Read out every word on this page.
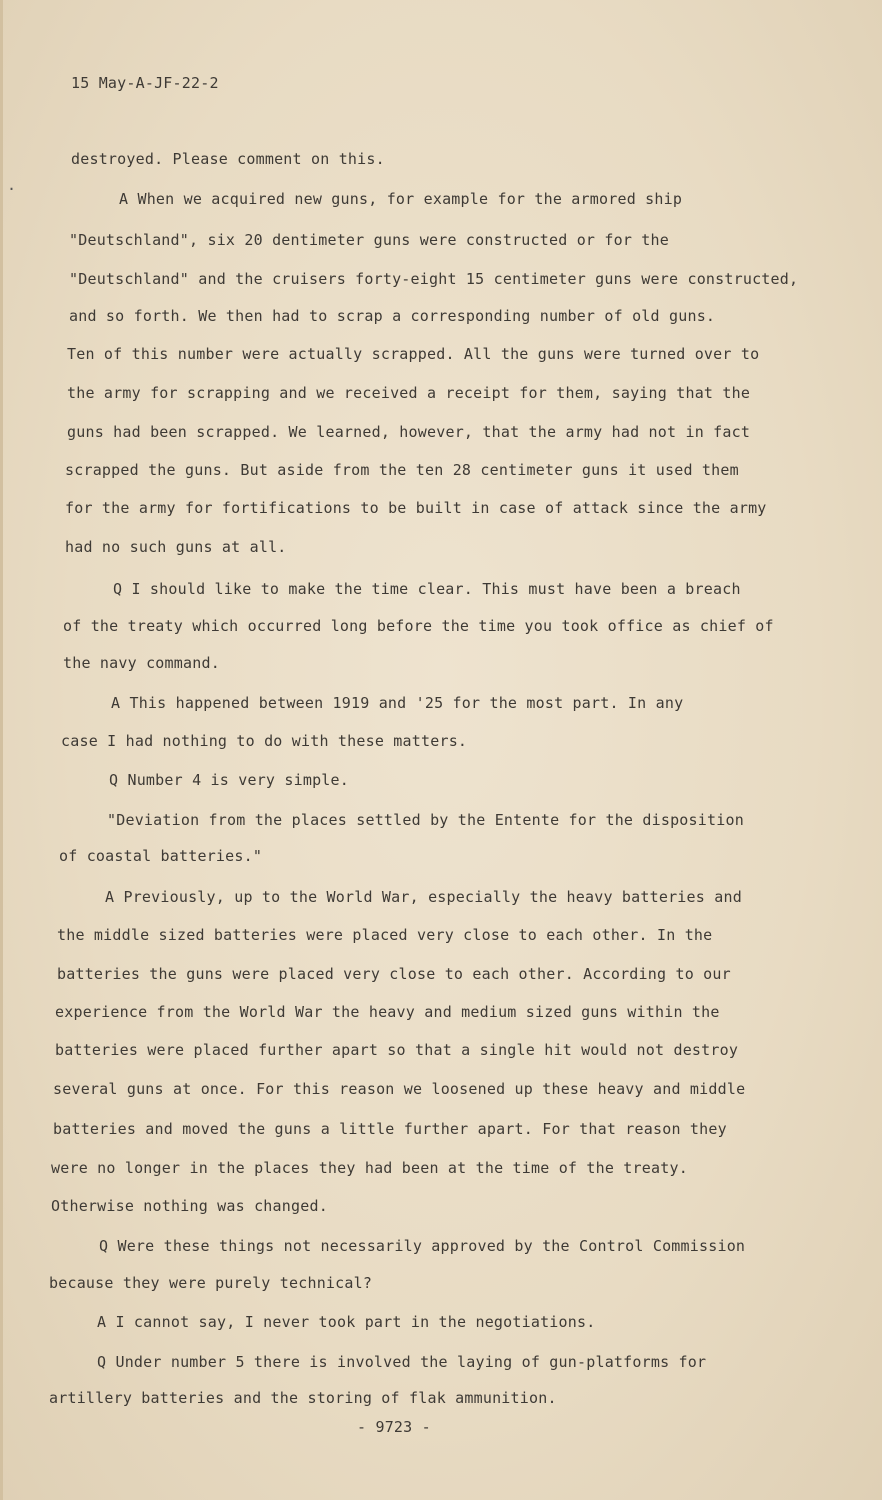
·
15 May-A-JF-22-2
destroyed. Please comment on this.
A When we acquired new guns, for example for the armored ship
"Deutschland", six 20 dentimeter guns were constructed or for the
"Deutschland" and the cruisers forty-eight 15 centimeter guns were constructed,
and so forth. We then had to scrap a corresponding number of old guns.
Ten of this number were actually scrapped. All the guns were turned over to
the army for scrapping and we received a receipt for them, saying that the
guns had been scrapped. We learned, however, that the army had not in fact
scrapped the guns. But aside from the ten 28 centimeter guns it used them
for the army for fortifications to be built in case of attack since the army
had no such guns at all.
Q I should like to make the time clear. This must have been a breach
of the treaty which occurred long before the time you took office as chief of
the navy command.
A This happened between 1919 and '25 for the most part. In any
case I had nothing to do with these matters.
Q Number 4 is very simple.
"Deviation from the places settled by the Entente for the disposition
of coastal batteries."
A Previously, up to the World War, especially the heavy batteries and
the middle sized batteries were placed very close to each other. In the
batteries the guns were placed very close to each other. According to our
experience from the World War the heavy and medium sized guns within the
batteries were placed further apart so that a single hit would not destroy
several guns at once. For this reason we loosened up these heavy and middle
batteries and moved the guns a little further apart. For that reason they
were no longer in the places they had been at the time of the treaty.
Otherwise nothing was changed.
Q Were these things not necessarily approved by the Control Commission
because they were purely technical?
A I cannot say, I never took part in the negotiations.
Q Under number 5 there is involved the laying of gun-platforms for
artillery batteries and the storing of flak ammunition.
- 9723 -
